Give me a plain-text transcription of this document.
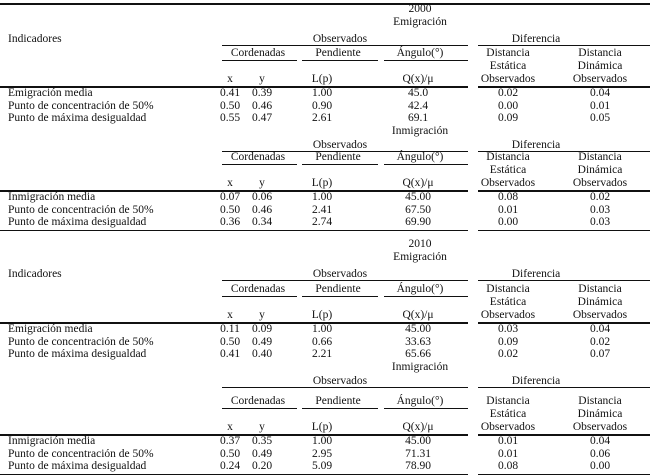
2000
Emigración
Indicadores	Observados	Diferencia
Cordenadas	Pendiente	Ángulo(°)	Distancia	Distancia
Estática	Dinámica
x y	L(p)	Q(x)/μ	Observados	Observados
Emigración media	0.41 0.39	1.00	45.0	0.02	0.04
Punto de concentración de 50%	0.50 0.46	0.90	42.4	0.00	0.01
Punto de máxima desigualdad	0.55 0.47	2.61	69.1	0.09	0.05
Inmigración
Observados	Diferencia
Cordenadas	Pendiente	Ángulo(°)	Distancia	Distancia
Estática	Dinámica
x y	L(p)	Q(x)/μ	Observados	Observados
Inmigración media	0.07 0.06	1.00	45.00	0.08	0.02
Punto de concentración de 50%	0.50 0.46	2.41	67.50	0.01	0.03
Punto de máxima desigualdad	0.36 0.34	2.74	69.90	0.00	0.03
2010
Emigración
Indicadores	Observados	Diferencia
Cordenadas	Pendiente	Ángulo(°)	Distancia	Distancia
Estática	Dinámica
x y	L(p)	Q(x)/μ	Observados	Observados
Emigración media	0.11 0.09	1.00	45.00	0.03	0.04
Punto de concentración de 50%	0.50 0.49	0.66	33.63	0.09	0.02
Punto de máxima desigualdad	0.41 0.40	2.21	65.66	0.02	0.07
Inmigración
Observados	Diferencia
Cordenadas	Pendiente	Ángulo(°)	Distancia	Distancia
Estática	Dinámica
x y	L(p)	Q(x)/μ	Observados	Observados
Inmigración media	0.37 0.35	1.00	45.00	0.01	0.04
Punto de concentración de 50%	0.50 0.49	2.95	71.31	0.01	0.06
Punto de máxima desigualdad	0.24 0.20	5.09	78.90	0.08	0.00
